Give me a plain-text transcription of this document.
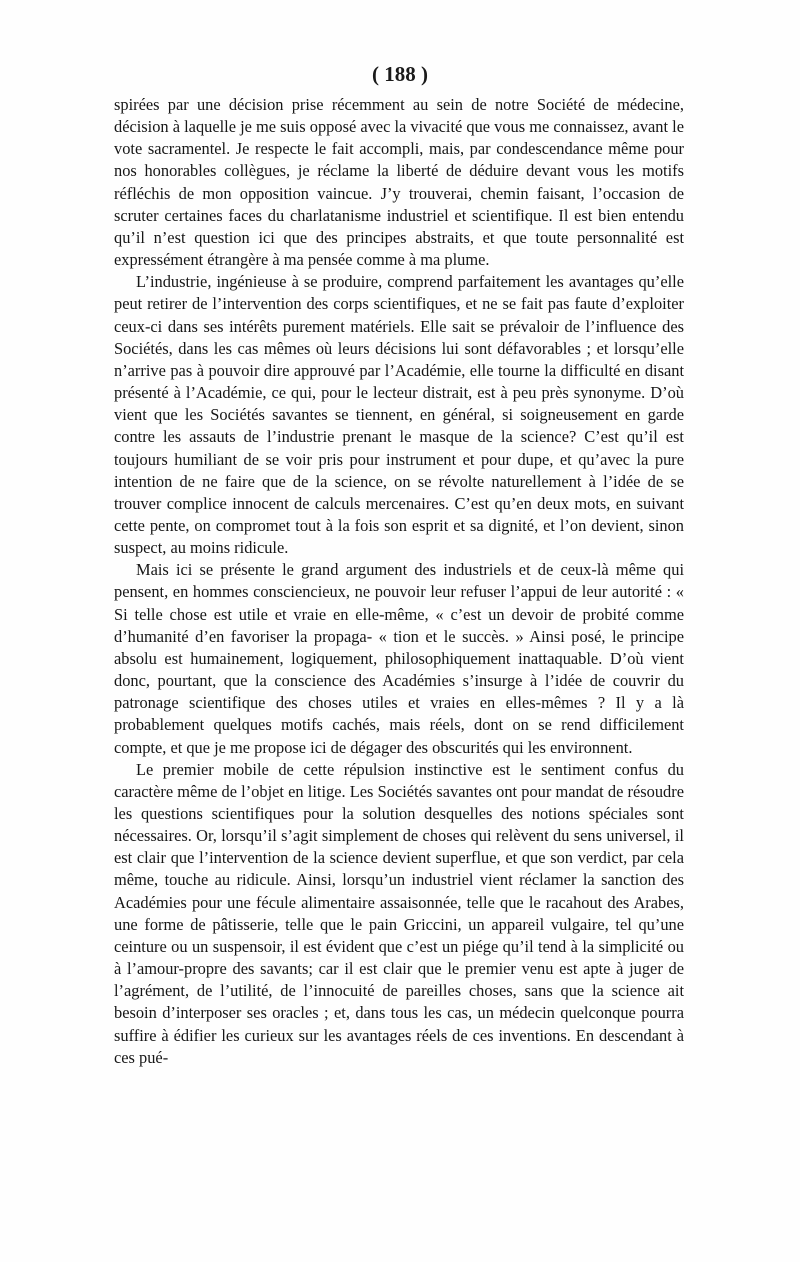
( 188 )

spirées par une décision prise récemment au sein de notre Société de médecine, décision à laquelle je me suis opposé avec la vivacité que vous me connaissez, avant le vote sacramentel. Je respecte le fait accompli, mais, par condescendance même pour nos honorables collègues, je réclame la liberté de déduire devant vous les motifs réfléchis de mon opposition vaincue. J’y trouverai, chemin faisant, l’occasion de scruter certaines faces du charlatanisme industriel et scientifique. Il est bien entendu qu’il n’est question ici que des principes abstraits, et que toute personnalité est expressément étrangère à ma pensée comme à ma plume.

L’industrie, ingénieuse à se produire, comprend parfaitement les avantages qu’elle peut retirer de l’intervention des corps scientifiques, et ne se fait pas faute d’exploiter ceux-ci dans ses intérêts purement matériels. Elle sait se prévaloir de l’influence des Sociétés, dans les cas mêmes où leurs décisions lui sont défavorables ; et lorsqu’elle n’arrive pas à pouvoir dire approuvé par l’Académie, elle tourne la difficulté en disant présenté à l’Académie, ce qui, pour le lecteur distrait, est à peu près synonyme. D’où vient que les Sociétés savantes se tiennent, en général, si soigneusement en garde contre les assauts de l’industrie prenant le masque de la science? C’est qu’il est toujours humiliant de se voir pris pour instrument et pour dupe, et qu’avec la pure intention de ne faire que de la science, on se révolte naturellement à l’idée de se trouver complice innocent de calculs mercenaires. C’est qu’en deux mots, en suivant cette pente, on compromet tout à la fois son esprit et sa dignité, et l’on devient, sinon suspect, au moins ridicule.

Mais ici se présente le grand argument des industriels et de ceux-là même qui pensent, en hommes consciencieux, ne pouvoir leur refuser l’appui de leur autorité : « Si telle chose est utile et vraie en elle-même, « c’est un devoir de probité comme d’humanité d’en favoriser la propaga- « tion et le succès. » Ainsi posé, le principe absolu est humainement, logiquement, philosophiquement inattaquable. D’où vient donc, pourtant, que la conscience des Académies s’insurge à l’idée de couvrir du patronage scientifique des choses utiles et vraies en elles-mêmes ? Il y a là probablement quelques motifs cachés, mais réels, dont on se rend difficilement compte, et que je me propose ici de dégager des obscurités qui les environnent.

Le premier mobile de cette répulsion instinctive est le sentiment confus du caractère même de l’objet en litige. Les Sociétés savantes ont pour mandat de résoudre les questions scientifiques pour la solution desquelles des notions spéciales sont nécessaires. Or, lorsqu’il s’agit simplement de choses qui relèvent du sens universel, il est clair que l’intervention de la science devient superflue, et que son verdict, par cela même, touche au ridicule. Ainsi, lorsqu’un industriel vient réclamer la sanction des Académies pour une fécule alimentaire assaisonnée, telle que le racahout des Arabes, une forme de pâtisserie, telle que le pain Griccini, un appareil vulgaire, tel qu’une ceinture ou un suspensoir, il est évident que c’est un piége qu’il tend à la simplicité ou à l’amour-propre des savants; car il est clair que le premier venu est apte à juger de l’agrément, de l’utilité, de l’innocuité de pareilles choses, sans que la science ait besoin d’interposer ses oracles ; et, dans tous les cas, un médecin quelconque pourra suffire à édifier les curieux sur les avantages réels de ces inventions. En descendant à ces pué-
